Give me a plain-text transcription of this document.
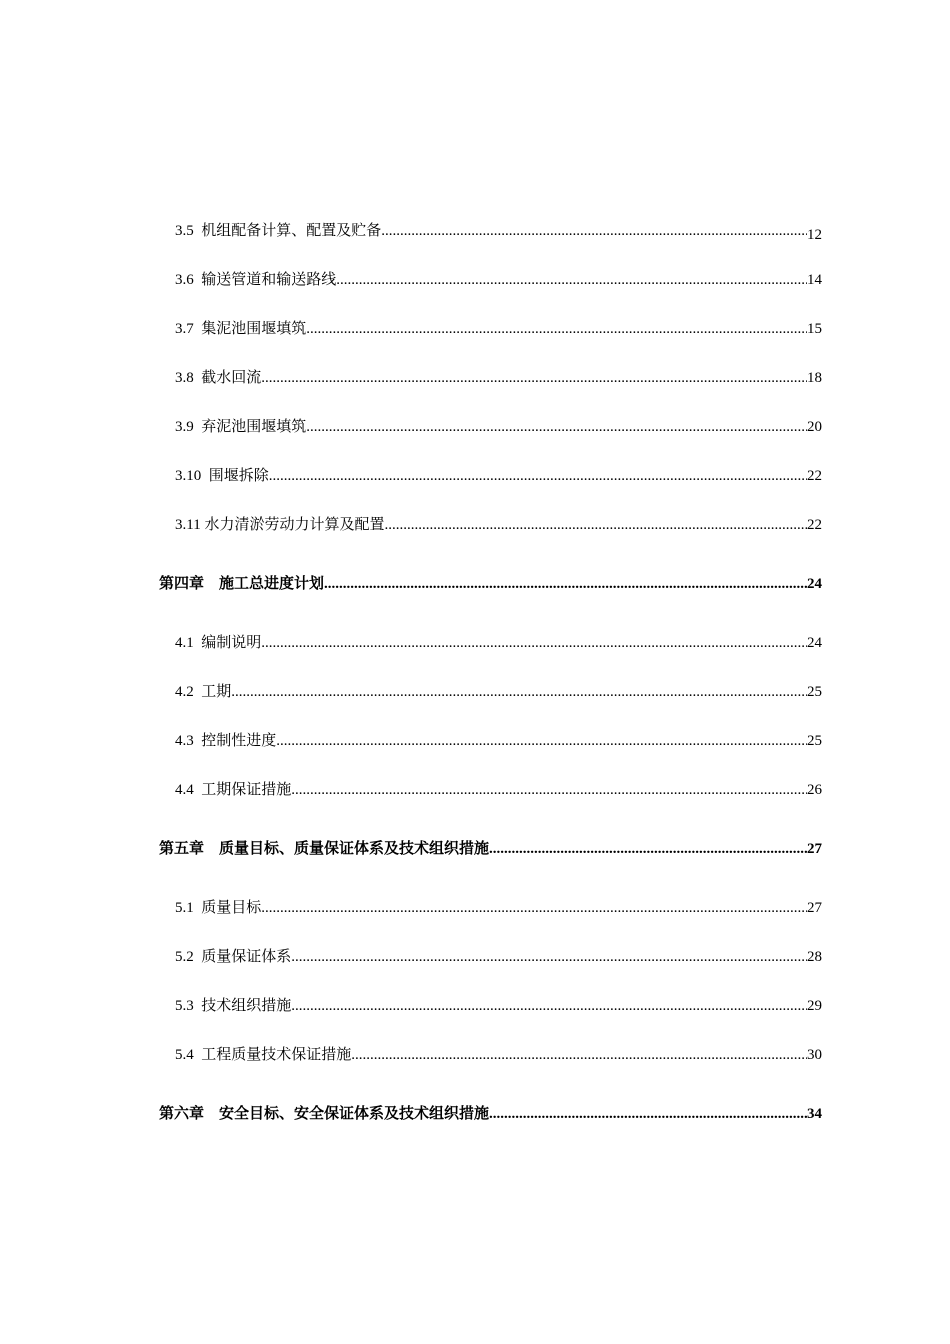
3.5 机组配备计算、配置及贮备 .....	12
3.6 输送管道和输送路线 .....	14
3.7 集泥池围堰填筑 .....	15
3.8 截水回流 .....	18
3.9 弃泥池围堰填筑 .....	20
3.10 围堰拆除 .....	22
3.11 水力清淤劳动力计算及配置 .....	22
第四章 施工总进度计划 .....	24
4.1 编制说明 .....	24
4.2 工期 .....	25
4.3 控制性进度 .....	25
4.4 工期保证措施 .....	26
第五章 质量目标、质量保证体系及技术组织措施 .....	27
5.1 质量目标 .....	27
5.2 质量保证体系 .....	28
5.3 技术组织措施 .....	29
5.4 工程质量技术保证措施 .....	30
第六章 安全目标、安全保证体系及技术组织措施 .....	34
